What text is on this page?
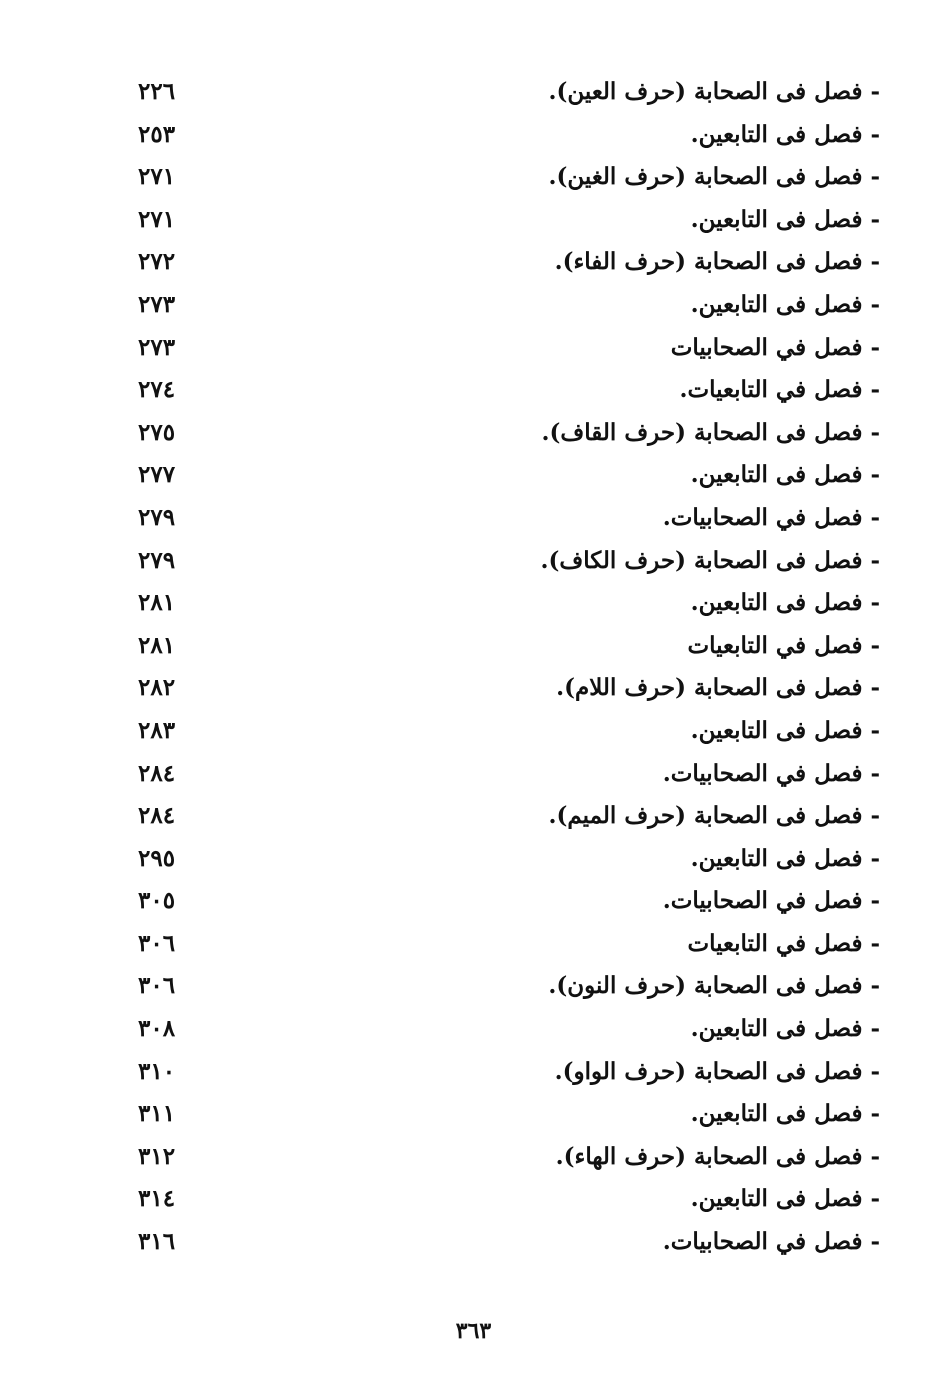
- فصل فى الصحابة (حرف العين).
٢٢٦
- فصل فى التابعين.
٢٥٣
- فصل فى الصحابة (حرف الغين).
٢٧١
- فصل فى التابعين.
٢٧١
- فصل فى الصحابة (حرف الفاء).
٢٧٢
- فصل فى التابعين.
٢٧٣
- فصل في الصحابيات
٢٧٣
- فصل في التابعيات.
٢٧٤
- فصل فى الصحابة (حرف القاف).
٢٧٥
- فصل فى التابعين.
٢٧٧
- فصل في الصحابيات.
٢٧٩
- فصل فى الصحابة (حرف الكاف).
٢٧٩
- فصل فى التابعين.
٢٨١
- فصل في التابعيات
٢٨١
- فصل فى الصحابة (حرف اللام).
٢٨٢
- فصل فى التابعين.
٢٨٣
- فصل في الصحابيات.
٢٨٤
- فصل فى الصحابة (حرف الميم).
٢٨٤
- فصل فى التابعين.
٢٩٥
- فصل في الصحابيات.
٣٠٥
- فصل في التابعيات
٣٠٦
- فصل فى الصحابة (حرف النون).
٣٠٦
- فصل فى التابعين.
٣٠٨
- فصل فى الصحابة (حرف الواو).
٣١٠
- فصل فى التابعين.
٣١١
- فصل فى الصحابة (حرف الهاء).
٣١٢
- فصل فى التابعين.
٣١٤
- فصل في الصحابيات.
٣١٦
٣٦٣
